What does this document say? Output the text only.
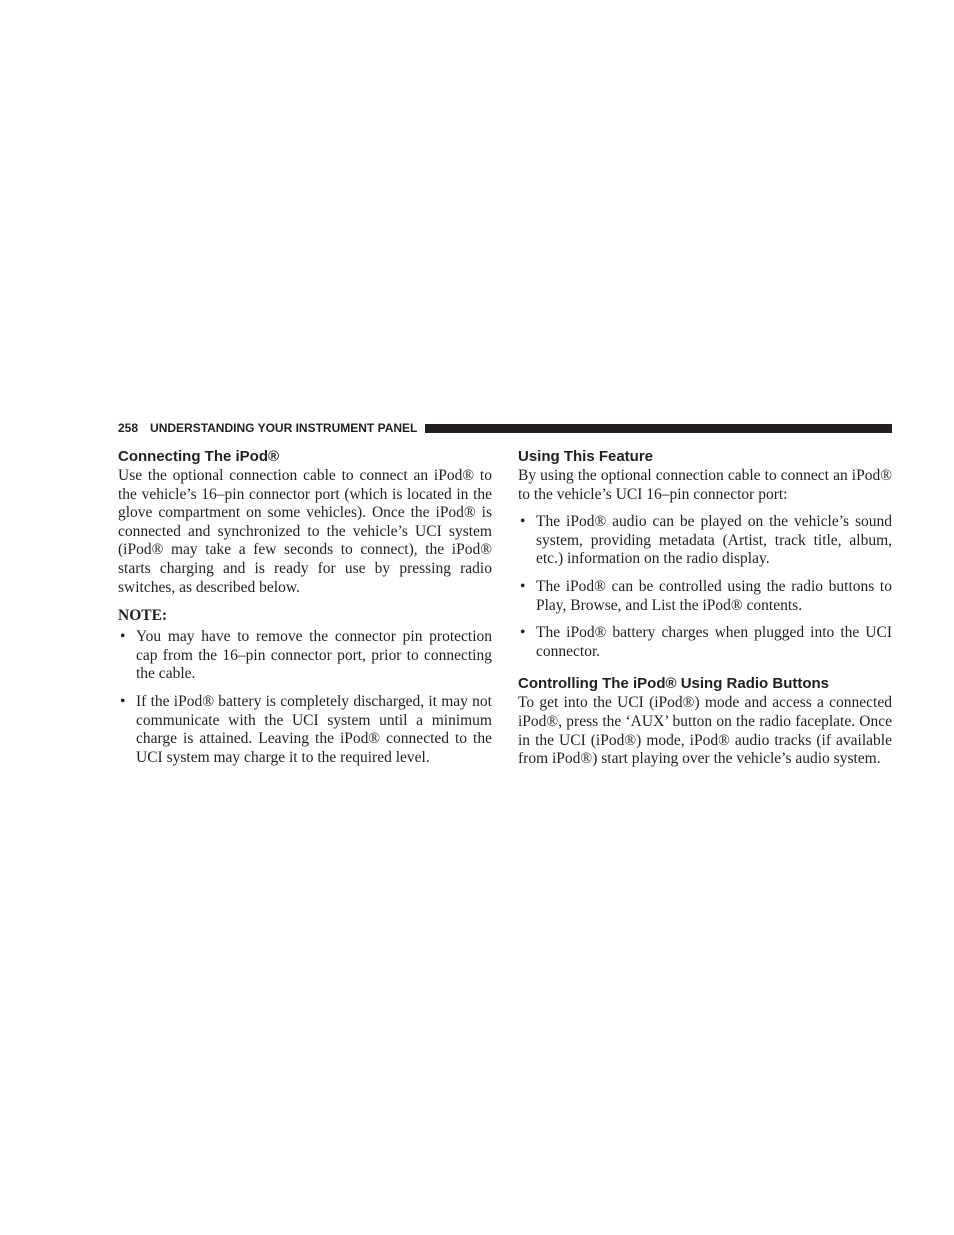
258 UNDERSTANDING YOUR INSTRUMENT PANEL
Connecting The iPod®

Use the optional connection cable to connect an iPod® to the vehicle’s 16–pin connector port (which is located in the glove compartment on some vehicles). Once the iPod® is connected and synchronized to the vehicle’s UCI system (iPod® may take a few seconds to connect), the iPod® starts charging and is ready for use by pressing radio switches, as described below.

NOTE:
• You may have to remove the connector pin protection cap from the 16–pin connector port, prior to connecting the cable.

• If the iPod® battery is completely discharged, it may not communicate with the UCI system until a minimum charge is attained. Leaving the iPod® connected to the UCI system may charge it to the required level.

Using This Feature

By using the optional connection cable to connect an iPod® to the vehicle’s UCI 16–pin connector port:

• The iPod® audio can be played on the vehicle’s sound system, providing metadata (Artist, track title, album, etc.) information on the radio display.

• The iPod® can be controlled using the radio buttons to Play, Browse, and List the iPod® contents.

• The iPod® battery charges when plugged into the UCI connector.

Controlling The iPod® Using Radio Buttons

To get into the UCI (iPod®) mode and access a connected iPod®, press the ‘AUX’ button on the radio faceplate. Once in the UCI (iPod®) mode, iPod® audio tracks (if available from iPod®) start playing over the vehicle’s audio system.
